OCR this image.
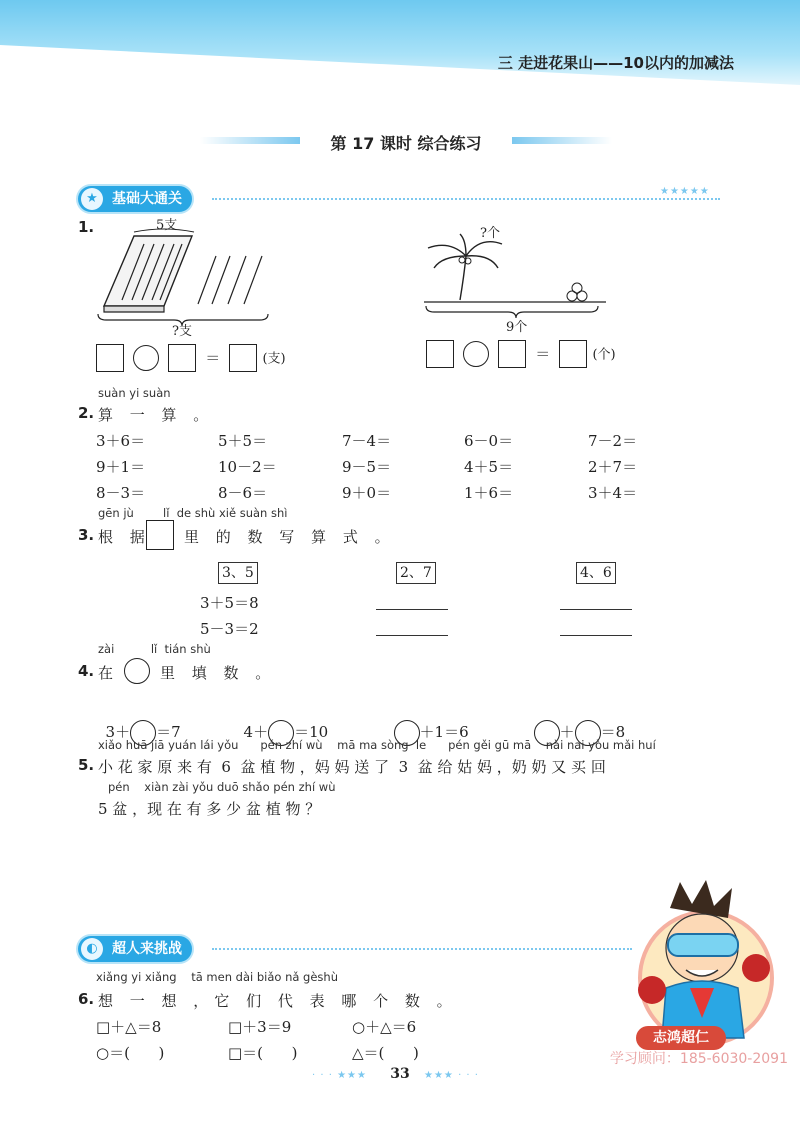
三 走进花果山——10以内的加减法
第 17 课时 综合练习
★	基础大通关	★★★★★
1.	5支
?支
＝	(支)
?个
9个
＝	(个)
suàn yi suàn
2. 算 一 算 。
3＋6＝	5＋5＝	7－4＝	6－0＝	7－2＝
9＋1＝	10－2＝	9－5＝	4＋5＝	2＋7＝
8－3＝	8－6＝	9＋0＝	1＋6＝	3＋4＝
gēn jù        lǐ  de shù xiě suàn shì
3. 根 据 里 的 数 写 算 式 。
3、5	2、7	4、6
3＋5＝8
5－3＝2
zài          lǐ  tián shù
4. 在	里 填 数 。

3＋ ＝7	4＋ ＝10	＋1＝6	＋ ＝8

xiǎo huā jiā yuán lái yǒu      pén zhí wù    mā ma sòng  le      pén gěi gū mā    nǎi nai yòu mǎi huí
5. 小 花 家 原 来 有  6  盆 植 物 ，妈 妈 送 了  3  盆 给 姑 妈 ，奶 奶 又 买 回
pén    xiàn zài yǒu duō shǎo pén zhí wù
5 盆 ，现 在 有 多 少 盆 植 物 ？
◐	超人来挑战
xiǎng yi xiǎng    tā men dài biǎo nǎ gèshù
6. 想 一 想 ，它 们 代 表 哪 个 数 。
□＋△＝8	□＋3＝9	○＋△＝6
○＝(      )	□＝(      )	△＝(      )
志鸿超仁
· · · ★★★	33	★★★ · · ·
学习顾问：185-6030-2091
